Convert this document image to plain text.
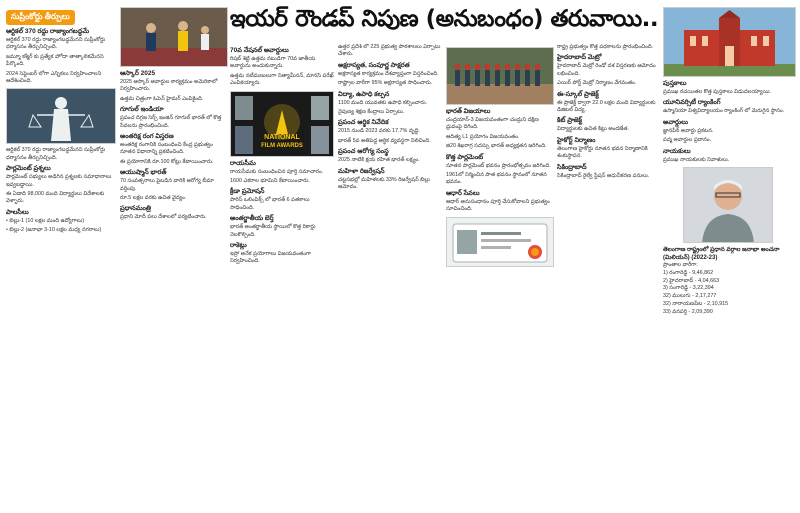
ఇయర్ రౌండప్ నిపుణ (అనుబంధం) తరువాయి..
సుప్రీంకోర్టు తీర్పులు
ఆర్టికల్ 370 రద్దు రాజ్యాంగబద్ధమే

ఆర్టికల్ 370 రద్దు రాజ్యాంగబద్ధమేనని సుప్రీంకోర్టు ధర్మాసనం తీర్పునిచ్చింది.

జమ్మూ కశ్మీర్ కు ప్రత్యేక హోదా తాత్కాలికమేనని పేర్కొంది.

2024 సెప్టెంబర్ లోగా ఎన్నికలు నిర్వహించాలని ఆదేశించింది.

ఆర్టికల్ 370 రద్దు రాజ్యాంగబద్ధమేనని సుప్రీంకోర్టు ధర్మాసనం తీర్పునిచ్చింది.

పార్లమెంట్ ప్రశ్నలు

పార్లమెంట్ సభ్యులు అడిగిన ప్రశ్నలకు సమాధానాలు ఇవ్వబడ్డాయి.

ఈ ఏడాది 98,000 మంది విద్యార్థులు విదేశాలకు వెళ్ళారు.

పాలసీలు

• బిల్లు-1 (10 లక్షల మంది ఉద్యోగాలు)

• బిల్లు-2 (జనాభా 3-10 లక్షల మధ్య నగరాలు)

ఆస్కార్ 2025

2025 ఆస్కార్ అవార్డుల కార్యక్రమం అమెరికాలో నిర్వహించారు.

ఉత్తమ చిత్రంగా ఓపెన్ హైమర్ ఎంపికైంది.

గూగుల్ ఇండియా

ప్రపంచ దిగ్గజ సెర్చ్ ఇంజిన్ గూగుల్ భారత్ లో కొత్త సేవలను ప్రారంభించింది.

అంతరిక్ష రంగ విస్తరణ

అంతరిక్ష రంగానికి సంబంధించి కేంద్ర ప్రభుత్వం నూతన విధానాన్ని ప్రకటించింది.

ఈ ప్రయోగానికి రూ.100 కోట్లు కేటాయించారు.

ఆయుష్మాన్ భారత్

70 సంవత్సరాలు పైబడిన వారికి ఆరోగ్య బీమా వర్తింపు.

రూ.5 లక్షల వరకు ఉచిత వైద్యం.

ప్రధానమంత్రి

ప్రధాని మోదీ పలు దేశాలలో పర్యటించారు.

70వ నేషనల్ అవార్డులు

రిషబ్ శెట్టి ఉత్తమ నటుడిగా 70వ జాతీయ అవార్డును అందుకున్నారు.

ఉత్తమ నటీమణులుగా నిత్యామీనన్, మానసి పరేఖ్ ఎంపికయ్యారు.

NATIONAL
FILM AWARDS
రాయసీమ

రాయసీమకు సంబంధించిన పూర్తి సమాచారం.

1600 ఎకరాల భూమిని కేటాయించారు.

క్రీడా ప్రమోషన్

పారిస్ ఒలింపిక్స్ లో భారత్ 6 పతకాలు సాధించింది.

అంతర్జాతీయ బెర్త్

భారత్ అంతర్జాతీయ స్థాయిలో కొత్త రికార్డు నెలకొల్పింది.

రాకెట్లు

ఇస్రో అనేక ప్రయోగాలు విజయవంతంగా నిర్వహించింది.

ఉత్తర ప్రదేశ్ లో 225 ప్రభుత్వ పాఠశాలలు ఏర్పాటు చేశారు.

అక్షరాస్యత, సంపూర్ణ సాక్షరత

అక్షరాస్యత కార్యక్రమం దేశవ్యాప్తంగా విస్తరించింది.

రాష్ట్రాల వారీగా 95% అక్షరాస్యత సాధించారు.

విద్యా, ఉపాధి కల్పన

1100 మంది యువతకు ఉపాధి కల్పించారు.

నైపుణ్య శిక్షణ కేంద్రాలు ఏర్పాటు.

ప్రపంచ ఆర్థిక నివేదిక

2015 నుండి 2023 వరకు 17.7% వృద్ధి.

భారత్ 5వ అతిపెద్ద ఆర్థిక వ్యవస్థగా నిలిచింది.

ప్రపంచ ఆరోగ్య సంస్థ

2025 నాటికి క్షయ రహిత భారత్ లక్ష్యం.

మహిళా రిజర్వేషన్

చట్టసభల్లో మహిళలకు 33% రిజర్వేషన్ బిల్లు ఆమోదం.

భారత్ విజయాలు

చంద్రయాన్-3 విజయవంతంగా చంద్రుని దక్షిణ ధ్రువంపై దిగింది.

ఆదిత్య L1 ప్రయోగం విజయవంతం.

జి20 శిఖరాగ్ర సదస్సు భారత్ అధ్యక్షతన జరిగింది.

కొత్త పార్లమెంట్

నూతన పార్లమెంట్ భవనం ప్రారంభోత్సవం జరిగింది.

1961లో నిర్మించిన పాత భవనం స్థానంలో నూతన భవనం.

ఆధార్ సేవలు

ఆధార్ అనుసంధానం పూర్తి చేసుకోవాలని ప్రభుత్వం సూచించింది.

రాష్ట్ర ప్రభుత్వం కొత్త పథకాలను ప్రారంభించింది.

హైదరాబాద్ మెట్రో

హైదరాబాద్ మెట్రో రెండో దశ విస్తరణకు ఆమోదం లభించింది.

ఎయిర్ పోర్ట్ మెట్రో నిర్మాణం వేగవంతం.

ఈ-స్కూల్ ప్రాజెక్ట్

ఈ ప్రాజెక్ట్ ద్వారా 22.0 లక్షల మంది విద్యార్థులకు డిజిటల్ విద్య.

కిట్ ప్రాజెక్ట్

విద్యార్థులకు ఉచిత కిట్లు అందజేత.

హైకోర్ట్ నిర్మాణం

తెలంగాణ హైకోర్టు నూతన భవన నిర్మాణానికి శంకుస్థాపన.

సికింద్రాబాద్

సికింద్రాబాద్ రైల్వే స్టేషన్ ఆధునీకరణ పనులు.

పుస్తకాలు

ప్రముఖ రచయితల కొత్త పుస్తకాలు విడుదలయ్యాయి.

యూనివర్సిటీ ర్యాంకింగ్

ఉస్మానియా విశ్వవిద్యాలయం ర్యాంకింగ్ లో మెరుగైన స్థానం.

అవార్డులు

జ్ఞానపీఠ్ అవార్డు ప్రకటన.

పద్మ అవార్డుల ప్రదానం.

నాయకులు

ప్రముఖ నాయకులకు నివాళులు.

తెలంగాణ రాష్ట్రంలో ప్రధాన వర్గాల జనాభా అంచనా (మిలియన్) (2022-23)
ప్రాంతాల వారీగా:
1) రంగారెడ్డి - 9,46,862
2) హైదరాబాద్ - 4,04,663
3) సంగారెడ్డి - 3,22,394
32) ములుగు - 2,17,277
32) నారాయణపేట - 2,10,915
33) వనపర్తి - 2,09,390
